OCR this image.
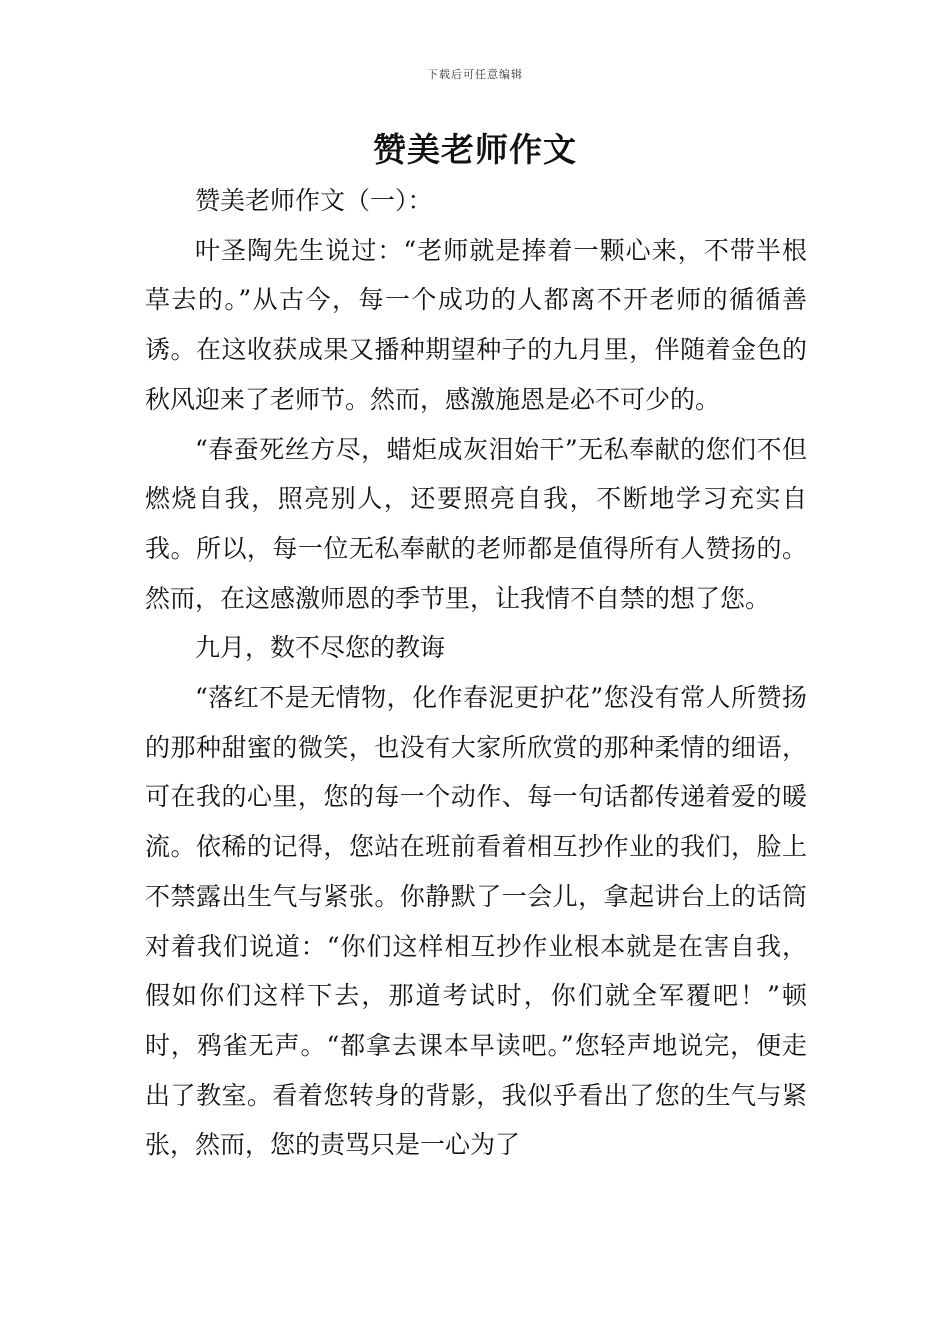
下载后可任意编辑
赞美老师作文

赞美老师作文（一）：

叶圣陶先生说过：“老师就是捧着一颗心来，不带半根草去的。”从古今，每一个成功的人都离不开老师的循循善诱。在这收获成果又播种期望种子的九月里，伴随着金色的秋风迎来了老师节。然而，感激施恩是必不可少的。

“春蚕死丝方尽，蜡炬成灰泪始干”无私奉献的您们不但燃烧自我，照亮别人，还要照亮自我，不断地学习充实自我。所以，每一位无私奉献的老师都是值得所有人赞扬的。然而，在这感激师恩的季节里，让我情不自禁的想了您。

九月，数不尽您的教诲

“落红不是无情物，化作春泥更护花”您没有常人所赞扬的那种甜蜜的微笑，也没有大家所欣赏的那种柔情的细语，可在我的心里，您的每一个动作、每一句话都传递着爱的暖流。依稀的记得，您站在班前看着相互抄作业的我们，脸上不禁露出生气与紧张。你静默了一会儿，拿起讲台上的话筒对着我们说道：“你们这样相互抄作业根本就是在害自我，假如你们这样下去，那道考试时，你们就全军覆吧！”顿时，鸦雀无声。“都拿去课本早读吧。”您轻声地说完，便走出了教室。看着您转身的背影，我似乎看出了您的生气与紧张，然而，您的责骂只是一心为了
